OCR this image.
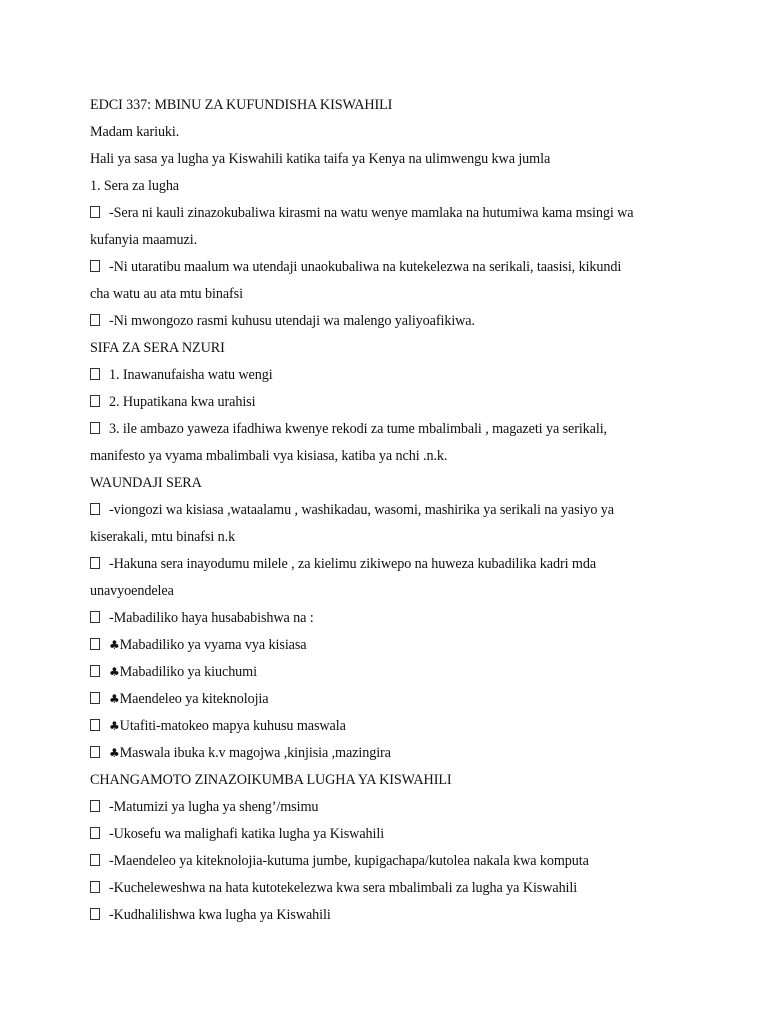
EDCI 337: MBINU ZA KUFUNDISHA KISWAHILI
Madam kariuki.
Hali ya sasa ya lugha ya Kiswahili katika taifa ya Kenya na ulimwengu kwa jumla
1. Sera za lugha
-Sera ni kauli zinazokubaliwa kirasmi na watu wenye mamlaka na hutumiwa kama msingi wa
kufanyia maamuzi.
-Ni utaratibu maalum wa utendaji unaokubaliwa na kutekelezwa na serikali, taasisi, kikundi
cha watu au ata mtu binafsi
-Ni mwongozo rasmi kuhusu utendaji wa malengo yaliyoafikiwa.
SIFA ZA SERA NZURI
1. Inawanufaisha watu wengi
2. Hupatikana kwa urahisi
3. ile ambazo yaweza ifadhiwa kwenye rekodi za tume mbalimbali , magazeti ya serikali,
manifesto ya vyama mbalimbali vya kisiasa, katiba ya nchi .n.k.
WAUNDAJI SERA
-viongozi wa kisiasa ,wataalamu , washikadau, wasomi, mashirika ya serikali na yasiyo ya
kiserakali, mtu binafsi n.k
-Hakuna sera inayodumu milele , za kielimu zikiwepo na huweza kubadilika kadri mda
unavyoendelea
-Mabadiliko haya husababishwa na :
♣Mabadiliko ya vyama vya kisiasa
♣Mabadiliko ya kiuchumi
♣Maendeleo ya kiteknolojia
♣Utafiti-matokeo mapya kuhusu maswala
♣Maswala ibuka k.v magojwa ,kinjisia ,mazingira
CHANGAMOTO ZINAZOIKUMBA LUGHA YA KISWAHILI
-Matumizi ya lugha ya sheng’/msimu
-Ukosefu wa malighafi katika lugha ya Kiswahili
-Maendeleo ya kiteknolojia-kutuma jumbe, kupigachapa/kutolea nakala kwa komputa
-Kucheleweshwa na hata kutotekelezwa kwa sera mbalimbali za lugha ya Kiswahili
-Kudhalilishwa kwa lugha ya Kiswahili
